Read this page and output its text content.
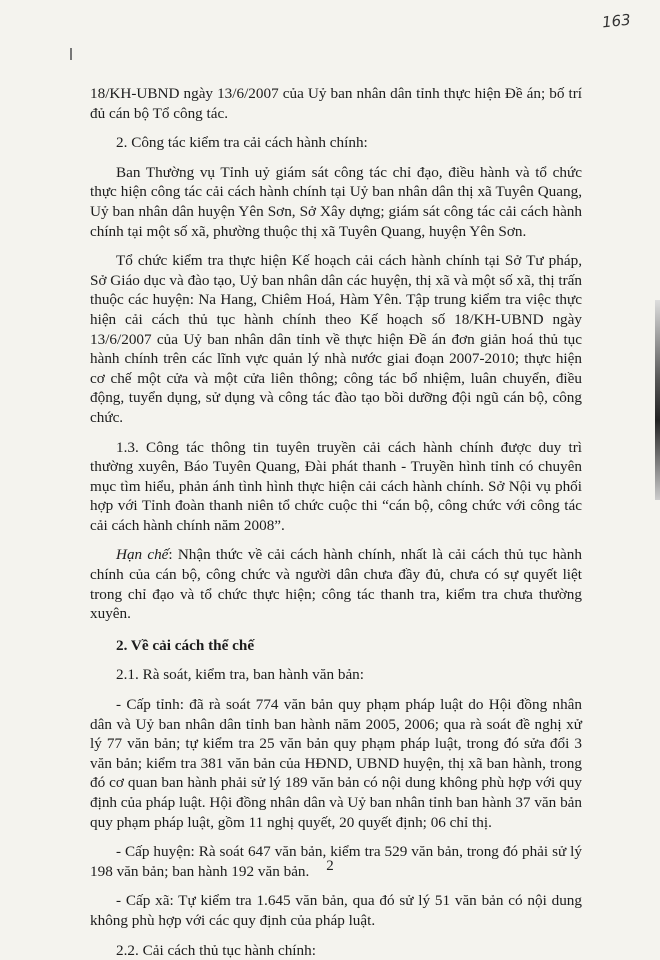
163

18/KH-UBND ngày 13/6/2007 của Uỷ ban nhân dân tỉnh thực hiện Đề án; bố trí đủ cán bộ Tổ công tác.

2. Công tác kiểm tra cải cách hành chính:

Ban Thường vụ Tỉnh uỷ giám sát công tác chỉ đạo, điều hành và tổ chức thực hiện công tác cải cách hành chính tại Uỷ ban nhân dân thị xã Tuyên Quang, Uỷ ban nhân dân huyện Yên Sơn, Sở Xây dựng; giám sát công tác cải cách hành chính tại một số xã, phường thuộc thị xã Tuyên Quang, huyện Yên Sơn.

Tổ chức kiểm tra thực hiện Kế hoạch cải cách hành chính tại Sở Tư pháp, Sở Giáo dục và đào tạo, Uỷ ban nhân dân các huyện, thị xã và một số xã, thị trấn thuộc các huyện: Na Hang, Chiêm Hoá, Hàm Yên. Tập trung kiểm tra việc thực hiện cải cách thủ tục hành chính theo Kế hoạch số 18/KH-UBND ngày 13/6/2007 của Uỷ ban nhân dân tỉnh về thực hiện Đề án đơn giản hoá thủ tục hành chính trên các lĩnh vực quản lý nhà nước giai đoạn 2007-2010; thực hiện cơ chế một cửa và một cửa liên thông; công tác bổ nhiệm, luân chuyển, điều động, tuyển dụng, sử dụng và công tác đào tạo bồi dưỡng đội ngũ cán bộ, công chức.

1.3. Công tác thông tin tuyên truyền cải cách hành chính được duy trì thường xuyên, Báo Tuyên Quang, Đài phát thanh - Truyền hình tỉnh có chuyên mục tìm hiểu, phản ánh tình hình thực hiện cải cách hành chính. Sở Nội vụ phối hợp với Tỉnh đoàn thanh niên tổ chức cuộc thi “cán bộ, công chức với công tác cải cách hành chính năm 2008”.

Hạn chế: Nhận thức về cải cách hành chính, nhất là cải cách thủ tục hành chính của cán bộ, công chức và người dân chưa đầy đủ, chưa có sự quyết liệt trong chỉ đạo và tổ chức thực hiện; công tác thanh tra, kiểm tra chưa thường xuyên.

2. Về cải cách thể chế

2.1. Rà soát, kiểm tra, ban hành văn bản:

- Cấp tỉnh: đã rà soát 774 văn bản quy phạm pháp luật do Hội đồng nhân dân và Uỷ ban nhân dân tỉnh ban hành năm 2005, 2006; qua rà soát đề nghị xử lý 77 văn bản; tự kiểm tra 25 văn bản quy phạm pháp luật, trong đó sửa đổi 3 văn bản; kiểm tra 381 văn bản của HĐND, UBND huyện, thị xã ban hành, trong đó cơ quan ban hành phải sử lý 189 văn bản có nội dung không phù hợp với quy định của pháp luật. Hội đồng nhân dân và Uỷ ban nhân tỉnh ban hành 37 văn bản quy phạm pháp luật, gồm 11 nghị quyết, 20 quyết định; 06 chỉ thị.

- Cấp huyện: Rà soát 647 văn bản, kiểm tra 529 văn bản, trong đó phải sử lý 198 văn bản; ban hành 192 văn bản.

- Cấp xã: Tự kiểm tra 1.645 văn bản, qua đó sử lý 51 văn bản có nội dung không phù hợp với các quy định của pháp luật.

2.2. Cải cách thủ tục hành chính:

2
